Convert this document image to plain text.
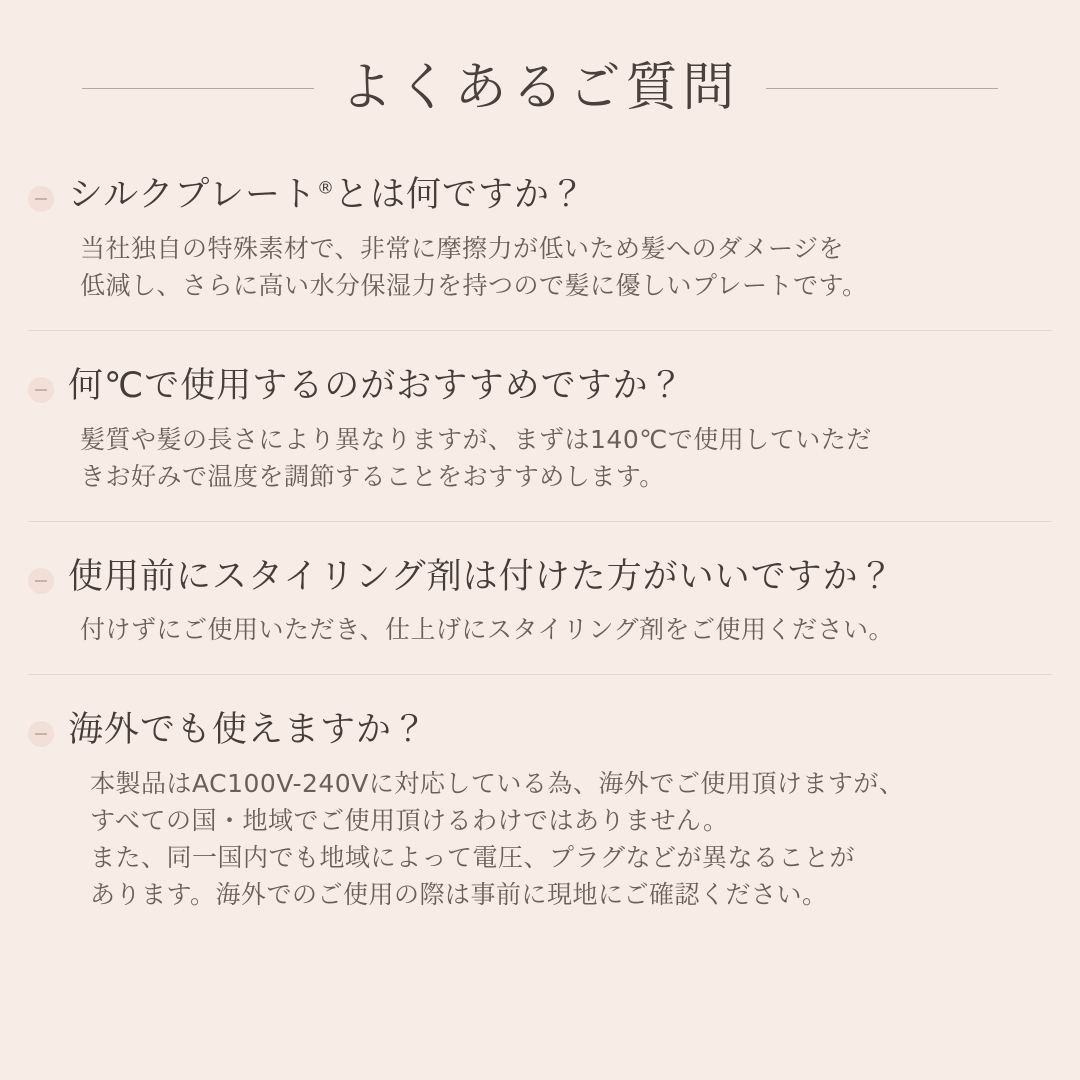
よくあるご質問
シルクプレート®とは何ですか？

当社独自の特殊素材で、非常に摩擦力が低いため髪へのダメージを

低減し、さらに高い水分保湿力を持つので髪に優しいプレートです。

何℃で使用するのがおすすめですか？

髪質や髪の長さにより異なりますが、まずは140℃で使用していただ

きお好みで温度を調節することをおすすめします。

使用前にスタイリング剤は付けた方がいいですか？

付けずにご使用いただき、仕上げにスタイリング剤をご使用ください。

海外でも使えますか？

本製品はAC100V-240Vに対応している為、海外でご使用頂けますが、

すべての国・地域でご使用頂けるわけではありません。

また、同一国内でも地域によって電圧、プラグなどが異なることが

あります。海外でのご使用の際は事前に現地にご確認ください。
